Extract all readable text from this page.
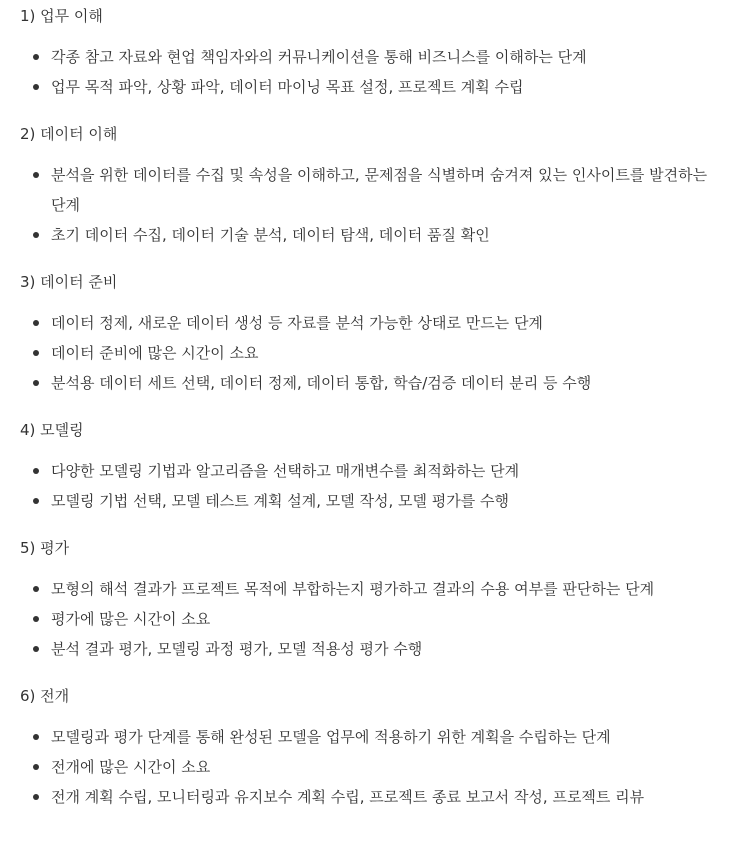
1) 업무 이해
각종 참고 자료와 현업 책임자와의 커뮤니케이션을 통해 비즈니스를 이해하는 단계
업무 목적 파악, 상황 파악, 데이터 마이닝 목표 설정, 프로젝트 계획 수립
2) 데이터 이해
분석을 위한 데이터를 수집 및 속성을 이해하고, 문제점을 식별하며 숨겨져 있는 인사이트를 발견하는 단계
초기 데이터 수집, 데이터 기술 분석, 데이터 탐색, 데이터 품질 확인
3) 데이터 준비
데이터 정제, 새로운 데이터 생성 등 자료를 분석 가능한 상태로 만드는 단계
데이터 준비에 많은 시간이 소요
분석용 데이터 세트 선택, 데이터 정제, 데이터 통합, 학습/검증 데이터 분리 등 수행
4) 모델링
다양한 모델링 기법과 알고리즘을 선택하고 매개변수를 최적화하는 단계
모델링 기법 선택, 모델 테스트 계획 설계, 모델 작성, 모델 평가를 수행
5) 평가
모형의 해석 결과가 프로젝트 목적에 부합하는지 평가하고 결과의 수용 여부를 판단하는 단계
평가에 많은 시간이 소요
분석 결과 평가, 모델링 과정 평가, 모델 적용성 평가 수행
6) 전개
모델링과 평가 단계를 통해 완성된 모델을 업무에 적용하기 위한 계획을 수립하는 단계
전개에 많은 시간이 소요
전개 계획 수립, 모니터링과 유지보수 계획 수립, 프로젝트 종료 보고서 작성, 프로젝트 리뷰
